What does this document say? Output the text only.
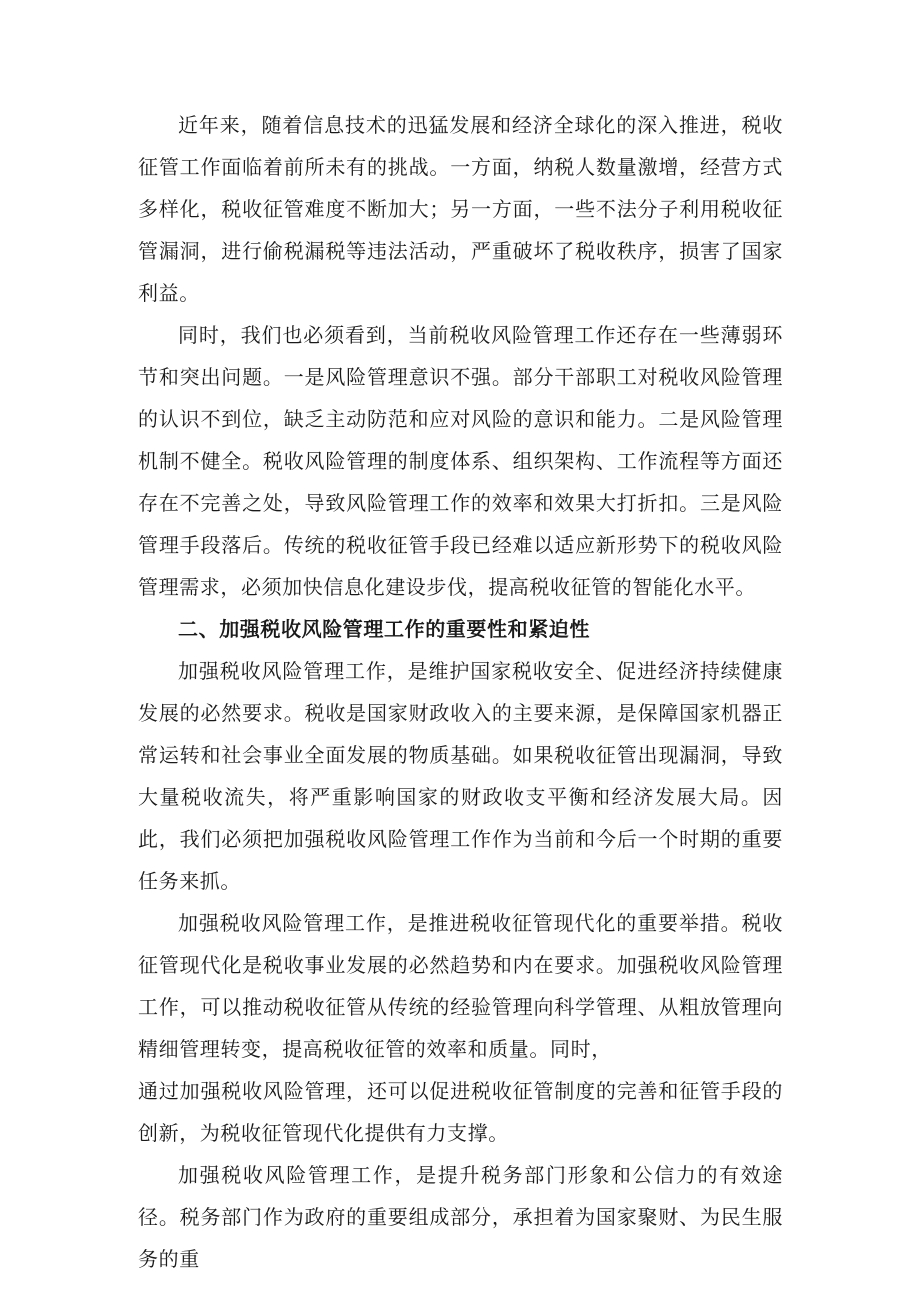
近年来，随着信息技术的迅猛发展和经济全球化的深入推进，税收征管工作面临着前所未有的挑战。一方面，纳税人数量激增，经营方式多样化，税收征管难度不断加大；另一方面，一些不法分子利用税收征管漏洞，进行偷税漏税等违法活动，严重破坏了税收秩序，损害了国家利益。

同时，我们也必须看到，当前税收风险管理工作还存在一些薄弱环节和突出问题。一是风险管理意识不强。部分干部职工对税收风险管理的认识不到位，缺乏主动防范和应对风险的意识和能力。二是风险管理机制不健全。税收风险管理的制度体系、组织架构、工作流程等方面还存在不完善之处，导致风险管理工作的效率和效果大打折扣。三是风险管理手段落后。传统的税收征管手段已经难以适应新形势下的税收风险管理需求，必须加快信息化建设步伐，提高税收征管的智能化水平。

二、加强税收风险管理工作的重要性和紧迫性

加强税收风险管理工作，是维护国家税收安全、促进经济持续健康发展的必然要求。税收是国家财政收入的主要来源，是保障国家机器正常运转和社会事业全面发展的物质基础。如果税收征管出现漏洞，导致大量税收流失，将严重影响国家的财政收支平衡和经济发展大局。因此，我们必须把加强税收风险管理工作作为当前和今后一个时期的重要任务来抓。

加强税收风险管理工作，是推进税收征管现代化的重要举措。税收征管现代化是税收事业发展的必然趋势和内在要求。加强税收风险管理工作，可以推动税收征管从传统的经验管理向科学管理、从粗放管理向精细管理转变，提高税收征管的效率和质量。同时，

通过加强税收风险管理，还可以促进税收征管制度的完善和征管手段的创新，为税收征管现代化提供有力支撑。

加强税收风险管理工作，是提升税务部门形象和公信力的有效途径。税务部门作为政府的重要组成部分，承担着为国家聚财、为民生服务的重
